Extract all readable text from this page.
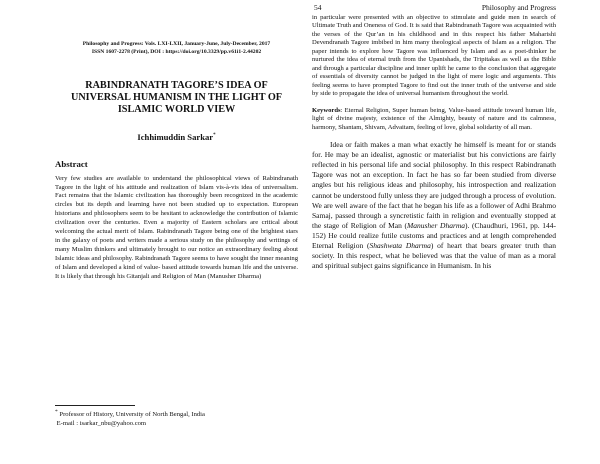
54	Philosophy and Progress
Philosophy and Progress: Vols. LXI-LXII, January-June, July-December, 2017
ISSN 1607-2278 (Print), DOI : https://doi.org/10.3329/pp.v61i1-2.44202
RABINDRANATH TAGORE’S IDEA OF UNIVERSAL HUMANISM IN THE LIGHT OF ISLAMIC WORLD VIEW
Ichhimuddin Sarkar*
Abstract
Very few studies are available to understand the philosophical views of Rabindranath Tagore in the light of his attitude and realization of Islam vis-à-vis idea of universalism. Fact remains that the Islamic civilization has thoroughly been recognized in the academic circles but its depth and learning have not been studied up to expectation. European historians and philosophers seem to be hesitant to acknowledge the contribution of Islamic civilization over the centuries. Even a majority of Eastern scholars are critical about welcoming the actual merit of Islam. Rabindranath Tagore being one of the brightest stars in the galaxy of poets and writers made a serious study on the philosophy and writings of many Muslim thinkers and ultimately brought to our notice an extraordinary feeling about Islamic ideas and philosophy. Rabindranath Tagore seems to have sought the inner meaning of Islam and developed a kind of value- based attitude towards human life and the universe. It is likely that through his Gitanjali and Religion of Man (Manusher Dharma)
* Professor of History, University of North Bengal, India
E-mail : isarkar_nbu@yahoo.com
in particular were presented with an objective to stimulate and guide men in search of Ultimate Truth and Oneness of God. It is said that Rabindranath Tagore was acquainted with the verses of the Qur’an in his childhood and in this respect his father Maharishi Devendranath Tagore imbibed in him many theological aspects of Islam as a religion. The paper intends to explore how Tagore was influenced by Islam and as a poet-thinker he nurtured the idea of eternal truth from the Upanishads, the Tripitakas as well as the Bible and through a particular discipline and inner uplift he came to the conclusion that aggregate of essentials of diversity cannot be judged in the light of mere logic and arguments. This feeling seems to have prompted Tagore to find out the inner truth of the universe and side by side to propagate the idea of universal humanism throughout the world.
Keywords: Eternal Religion, Super human being, Value-based attitude toward human life, light of divine majesty, existence of the Almighty, beauty of nature and its calmness, harmony, Shantam, Shivam, Advaitam, feeling of love, global solidarity of all man.
Idea or faith makes a man what exactly he himself is meant for or stands for. He may be an idealist, agnostic or materialist but his convictions are fairly reflected in his personal life and social philosophy. In this respect Rabindranath Tagore was not an exception. In fact he has so far been studied from diverse angles but his religious ideas and philosophy, his introspection and realization cannot be understood fully unless they are judged through a process of evolution. We are well aware of the fact that he began his life as a follower of Adhi Brahmo Samaj, passed through a syncretistic faith in religion and eventually stopped at the stage of Religion of Man (Manusher Dharma). (Chaudhuri, 1961, pp. 144-152) He could realize futile customs and practices and at length comprehended Eternal Religion (Shashwata Dharma) of heart that bears greater truth than society. In this respect, what he believed was that the value of man as a moral and spiritual subject gains significance in Humanism. In his
